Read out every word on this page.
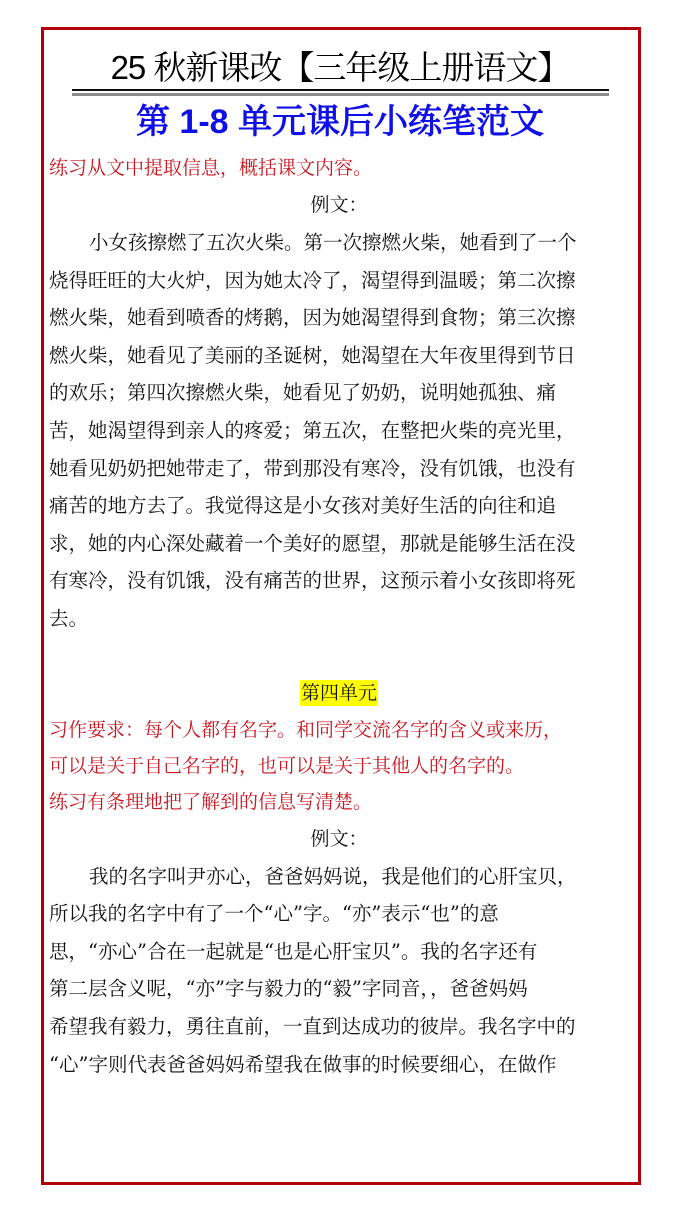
25 秋新课改【三年级上册语文】
第 1-8 单元课后小练笔范文
练习从文中提取信息，概括课文内容。
例文：
小女孩擦燃了五次火柴。第一次擦燃火柴，她看到了一个
烧得旺旺的大火炉，因为她太冷了，渴望得到温暖；第二次擦
燃火柴，她看到喷香的烤鹅，因为她渴望得到食物；第三次擦
燃火柴，她看见了美丽的圣诞树，她渴望在大年夜里得到节日
的欢乐；第四次擦燃火柴，她看见了奶奶，说明她孤独、痛
苦，她渴望得到亲人的疼爱；第五次，在整把火柴的亮光里，
她看见奶奶把她带走了，带到那没有寒冷，没有饥饿，也没有
痛苦的地方去了。我觉得这是小女孩对美好生活的向往和追
求，她的内心深处藏着一个美好的愿望，那就是能够生活在没
有寒冷，没有饥饿，没有痛苦的世界，这预示着小女孩即将死
去。
第四单元
习作要求：每个人都有名字。和同学交流名字的含义或来历，
可以是关于自己名字的，也可以是关于其他人的名字的。
练习有条理地把了解到的信息写清楚。
例文：
我的名字叫尹亦心，爸爸妈妈说，我是他们的心肝宝贝，
所以我的名字中有了一个“心”字。“亦”表示“也”的意
思，“亦心”合在一起就是“也是心肝宝贝”。我的名字还有
第二层含义呢，“亦”字与毅力的“毅”字同音，，爸爸妈妈
希望我有毅力，勇往直前，一直到达成功的彼岸。我名字中的
“心”字则代表爸爸妈妈希望我在做事的时候要细心，在做作
